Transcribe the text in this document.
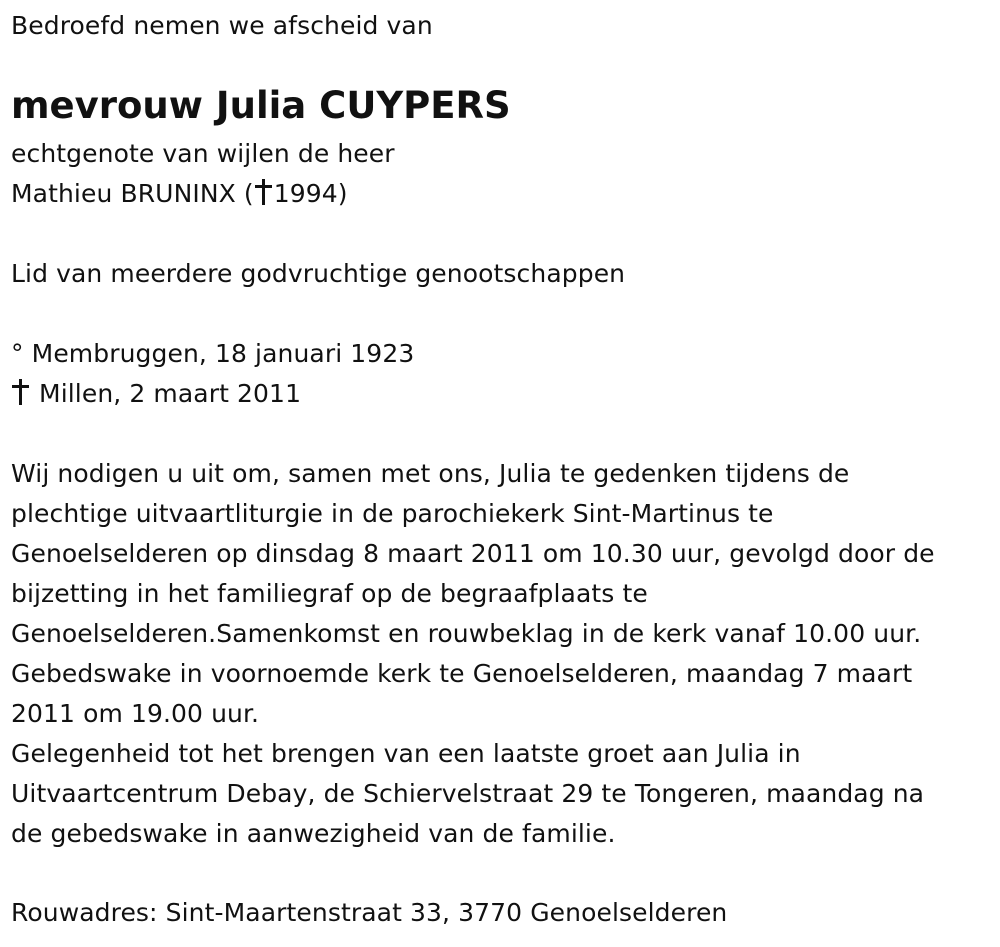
Bedroefd nemen we afscheid van
mevrouw Julia CUYPERS
echtgenote van wijlen de heer
Mathieu BRUNINX ( 1994)
Lid van meerdere godvruchtige genootschappen
° Membruggen, 18 januari 1923
Millen, 2 maart 2011
Wij nodigen u uit om, samen met ons, Julia te gedenken tijdens de
plechtige uitvaartliturgie in de parochiekerk Sint-Martinus te
Genoelselderen op dinsdag 8 maart 2011 om 10.30 uur, gevolgd door de
bijzetting in het familiegraf op de begraafplaats te
Genoelselderen.Samenkomst en rouwbeklag in de kerk vanaf 10.00 uur.
Gebedswake in voornoemde kerk te Genoelselderen, maandag 7 maart
2011 om 19.00 uur.
Gelegenheid tot het brengen van een laatste groet aan Julia in
Uitvaartcentrum Debay, de Schiervelstraat 29 te Tongeren, maandag na
de gebedswake in aanwezigheid van de familie.
Rouwadres: Sint-Maartenstraat 33, 3770 Genoelselderen
